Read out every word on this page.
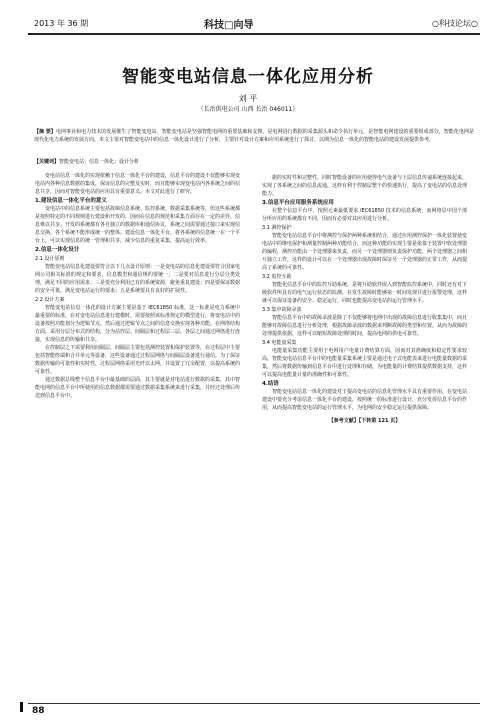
2013 年 36 期	科技□向导	○科技论坛○
智能变电站信息一体化应用分析
刘 平
（长治供电公司 山西 长治 046011）
【摘 要】电网事业和电力技术的发展催生了智能变电站，智能变电站是坚强智能电网的重要基础和支撑。是电网进行数据的采集源头和命令执行单元，是智能电网建设的重要组成部分，智能化电网是现代化电力系统的发展方向，本文主要对智能变电站中的信息一体化设计进行了分析，主要针对设计方案和应用系统进行了探讨，以期为信息一体化的智能电站的建设发展提供参考。
【关键词】智能变电站；信息一体化；设计分析

变电站信息一体化的实现依赖于信息一体化平台的建设，信息平台的建设不仅能够实现变电站内各种信息数据的集成，保证信息的完整及实时，而且能够实现变电站内各系统之间的信息共享，因而对智能变电站的应用具有重要意义。本文对此进行了研究。

1.建设信息一体化平台的意义

变电站中的信息系统主要包括故障信息系统、监控系统、数据采集系统等，但这些系统都是按照特定的不同规则进行建设和开发的，因而在信息的规范和采集方面存在一定的差异，信息难以共享。开发的系统都有各自独立的数据库和通信协议，系统之间需要通过接口来实现信息交换，各个系统不能形成统一的整体。建设信息一体化平台，将各系统的信息统一在一个平台上，可以实现信息的统一管理和共享，减少信息的重复采集，提高运行效率。

2.信息一体化设计
2.1 设计原则

智能变电站信息化建设要符合以下几点设计原则：一是变电站的信息化建设要符合国家电网公司相关标准的规定和要求，信息模型和通信规约要统一；二是要对信息进行分层分类处理，满足不同的应用需求；三是要充分利用已有的系统资源，避免重复建设；四是要保证数据的安全可靠，满足变电站运行的要求；五是系统要具有良好的扩展性。

2.2 设计方案

智能变电站信息一体化的设计方案主要是基于 IEC61850 标准，这一标准是电力系统中最重要的标准，在对变电站信息进行建模时，需要按照该标准规定的模型进行，将变电站中的设备按照功能划分为逻辑节点，然后通过逻辑节点之间的信息交换实现各种功能。在网络结构方面，采用分层分布式的结构，分为站控层、间隔层和过程层三层，各层之间通过网络进行连接，实现信息的传输和共享。

在控制层之下需要利用间隔层，间隔层主要包括测控装置和保护装置等，在过程层中主要包括智能终端和合并单元等设备，这些设备通过过程层网络与间隔层设备进行通信。为了保证数据传输的可靠性和实时性，过程层网络采用光纤以太网，并设置了冗余配置，以提高系统的可靠性。

通过数据总线整个信息平台中最基础的层面，其主要就是对电站进行数据的采集，其中智能电网的信息平台中所使用的信息数据都需要通过数据采集系统来进行采集，并经过处理后传送到信息平台中。

据的实时性和完整性。同时智能设备的应用使得电气设备与上层信息传递系统连接起来，实现了各系统之间的信息流通，这样有利于控制层整个的快速执行，提高了变电站的信息处理能力。

3.信息平台应用服务系统应用

在整个信息平台中，按照元素最低要求 IEC61850 技术的信息系统，而网络层中国个部分所应用的系统都有不同，因而有必要对其应用进行分析。

3.1 测控保护

智能变电站信息平台中将测控与保护两种系统相结合，通过应用测控保护一体化装置使变电站中的继电保护和测量控制两种功能结合，而这种功能的实现主要是依靠于装置中软处理器的编程，测控功能由一个处理器来负责，而另一个处理器则负责保护功能，两个处理器之间相互独立工作，这样的设计可以在一个处理器出现故障时保证另一个处理器的正常工作，从而提高了系统的可靠性。

3.2 监控互助

智能化信息平台中的监控互助系统，是将互助软件嵌入到智能监控系统中，同时还有对下级软件所具有的电气运行状态的监测，在发生故障时能够第一时间发现并进行报警处理，这样就可以保证设备的安全、稳定运行，同时也能提高变电站的运行管理水平。

3.3 集中故障录波

智能信息平台中的故障录波是除了不仅能够将电网中出现的故障信息进行收集集中，而且能够对故障信息进行分析处理，根据故障录波的数据来判断故障的类型和位置，从而为故障的处理提供依据，这样可以缩短故障处理的时间，提高电网的供电可靠性。

3.4 电能量采集

电能量采集功能主要用于电网用户电量计费结算方面，因而对其准确度和稳定性要求较高。智能变电站信息平台中的电能量采集系统主要是通过电子式电能表来进行电能量数据的采集，然后将数据传输到信息平台中进行处理和存储，为电能量的计费结算提供数据支持，这样可以提高电能量计量的准确性和可靠性。

4.结语

智能变电站信息一体化的建设对于提高变电站的信息化管理水平具有重要作用，在变电站建设中要充分考虑信息一体化平台的建设，按照统一的标准进行设计，充分发挥信息平台的作用，从而提高智能变电站的运行管理水平，为电网的安全稳定运行提供保障。

【参考文献】【下转第 121 页】
88
